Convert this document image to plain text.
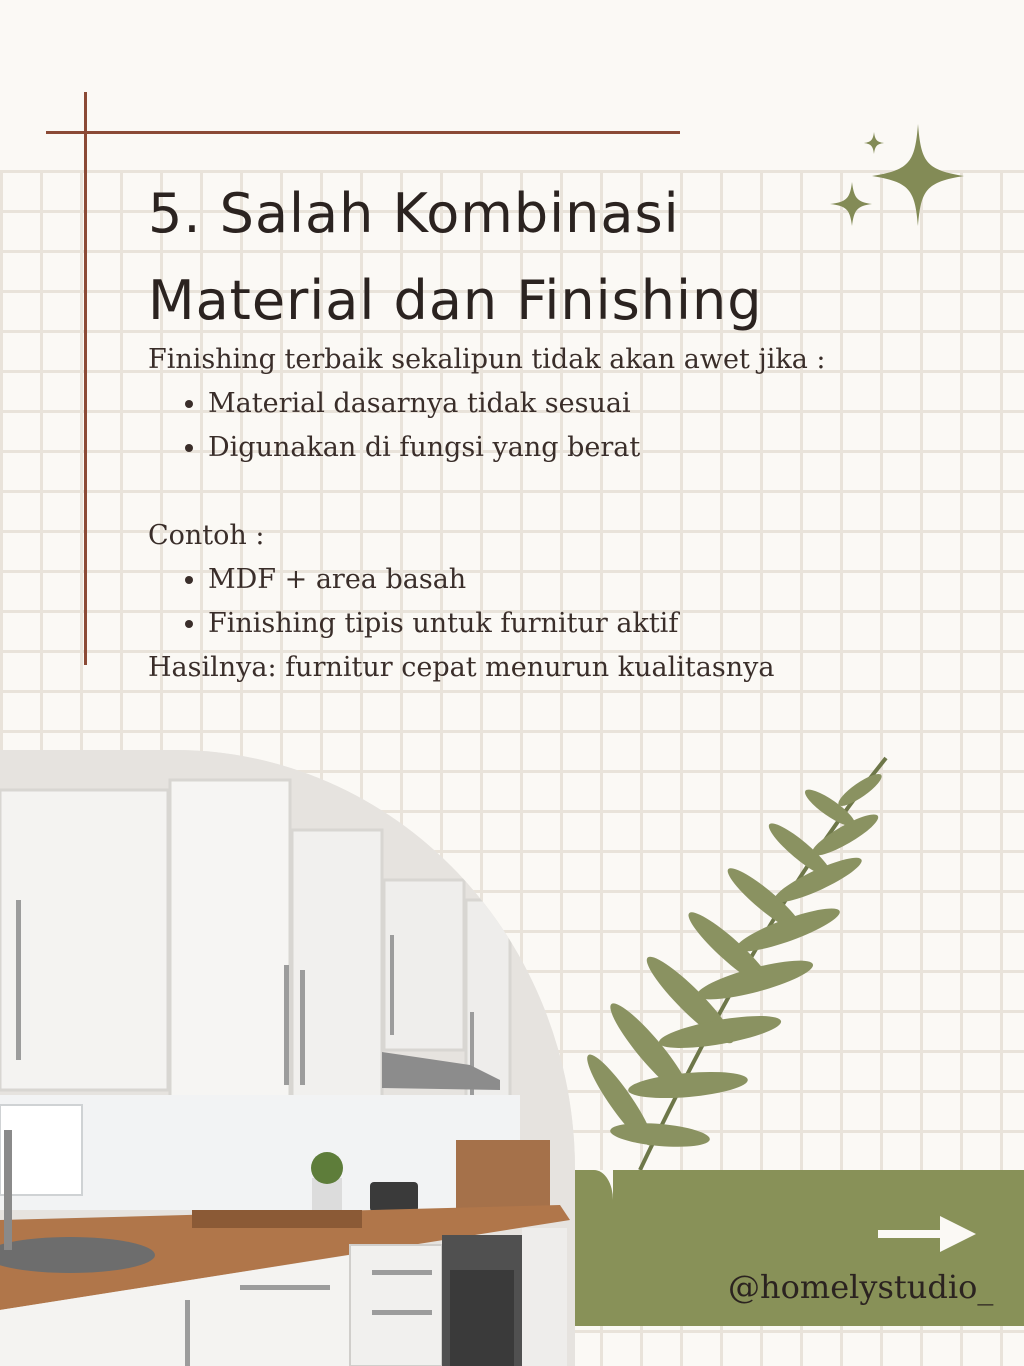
5. Salah Kombinasi
Material dan Finishing

Finishing terbaik sekalipun tidak akan awet jika :

• Material dasarnya tidak sesuai
• Digunakan di fungsi yang berat

Contoh :

• MDF + area basah
• Finishing tipis untuk furnitur aktif

Hasilnya: furnitur cepat menurun kualitasnya

@homelystudio_
